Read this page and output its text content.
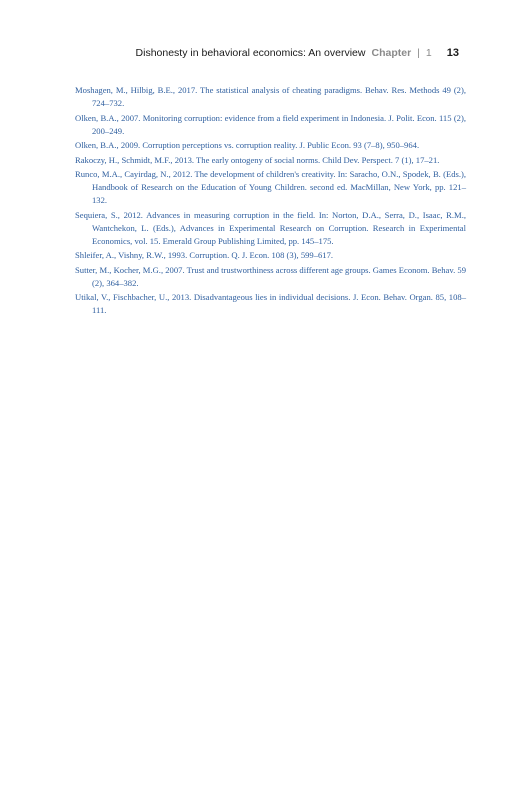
Dishonesty in behavioral economics: An overview Chapter | 1 13

Moshagen, M., Hilbig, B.E., 2017. The statistical analysis of cheating paradigms. Behav. Res. Methods 49 (2), 724–732.

Olken, B.A., 2007. Monitoring corruption: evidence from a field experiment in Indonesia. J. Polit. Econ. 115 (2), 200–249.

Olken, B.A., 2009. Corruption perceptions vs. corruption reality. J. Public Econ. 93 (7–8), 950–964.

Rakoczy, H., Schmidt, M.F., 2013. The early ontogeny of social norms. Child Dev. Perspect. 7 (1), 17–21.

Runco, M.A., Cayirdag, N., 2012. The development of children's creativity. In: Saracho, O.N., Spodek, B. (Eds.), Handbook of Research on the Education of Young Children. second ed. MacMillan, New York, pp. 121–132.

Sequiera, S., 2012. Advances in measuring corruption in the field. In: Norton, D.A., Serra, D., Isaac, R.M., Wantchekon, L. (Eds.), Advances in Experimental Research on Corruption. Research in Experimental Economics, vol. 15. Emerald Group Publishing Limited, pp. 145–175.

Shleifer, A., Vishny, R.W., 1993. Corruption. Q. J. Econ. 108 (3), 599–617.

Sutter, M., Kocher, M.G., 2007. Trust and trustworthiness across different age groups. Games Econom. Behav. 59 (2), 364–382.

Utikal, V., Fischbacher, U., 2013. Disadvantageous lies in individual decisions. J. Econ. Behav. Organ. 85, 108–111.
